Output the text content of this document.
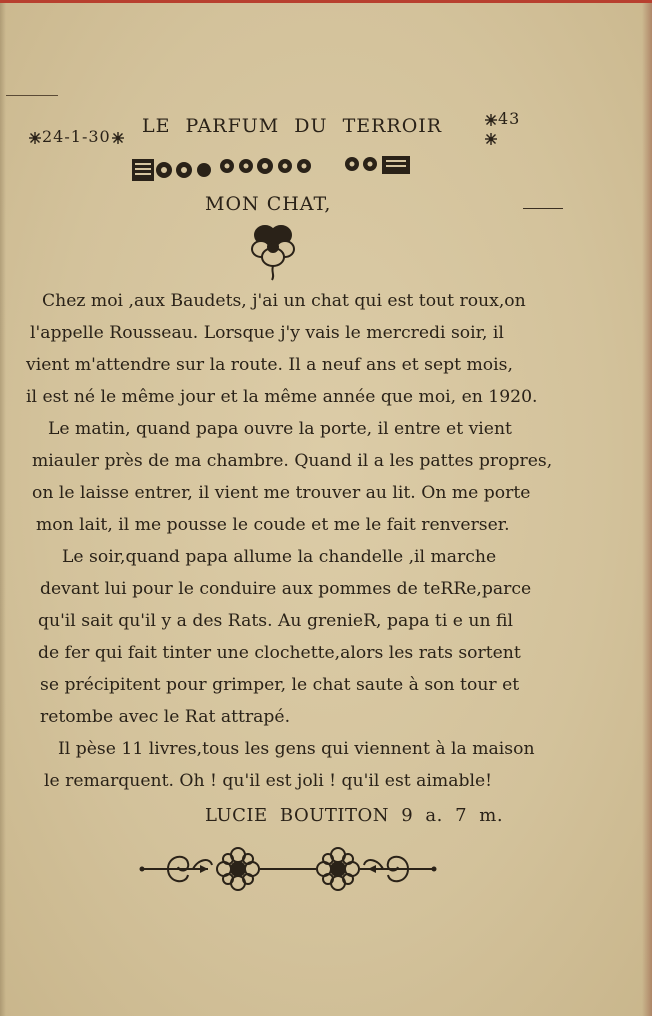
24-1-30	LE PARFUM DU TERROIR	43
MON CHAT,

Chez moi ,aux Baudets, j'ai un chat qui est tout roux,on

l'appelle Rousseau. Lorsque j'y vais le mercredi soir, il

vient m'attendre sur la route. Il a neuf ans et sept mois,

il est né le même jour et la même année que moi, en 1920.

Le matin, quand papa ouvre la porte, il entre et vient

miauler près de ma chambre. Quand il a les pattes propres,

on le laisse entrer, il vient me trouver au lit. On me porte

mon lait, il me pousse le coude et me le fait renverser.

Le soir,quand papa allume la chandelle ,il marche

devant lui pour le conduire aux pommes de teRRe,parce

qu'il sait qu'il y a des Rats. Au grenieR, papa ti e un fil

de fer qui fait tinter une clochette,alors les rats sortent

se précipitent pour grimper, le chat saute à son tour et

retombe avec le Rat attrapé.

Il pèse 11 livres,tous les gens qui viennent à la maison

le remarquent. Oh ! qu'il est joli ! qu'il est aimable!

LUCIE BOUTITON 9 a. 7 m.
